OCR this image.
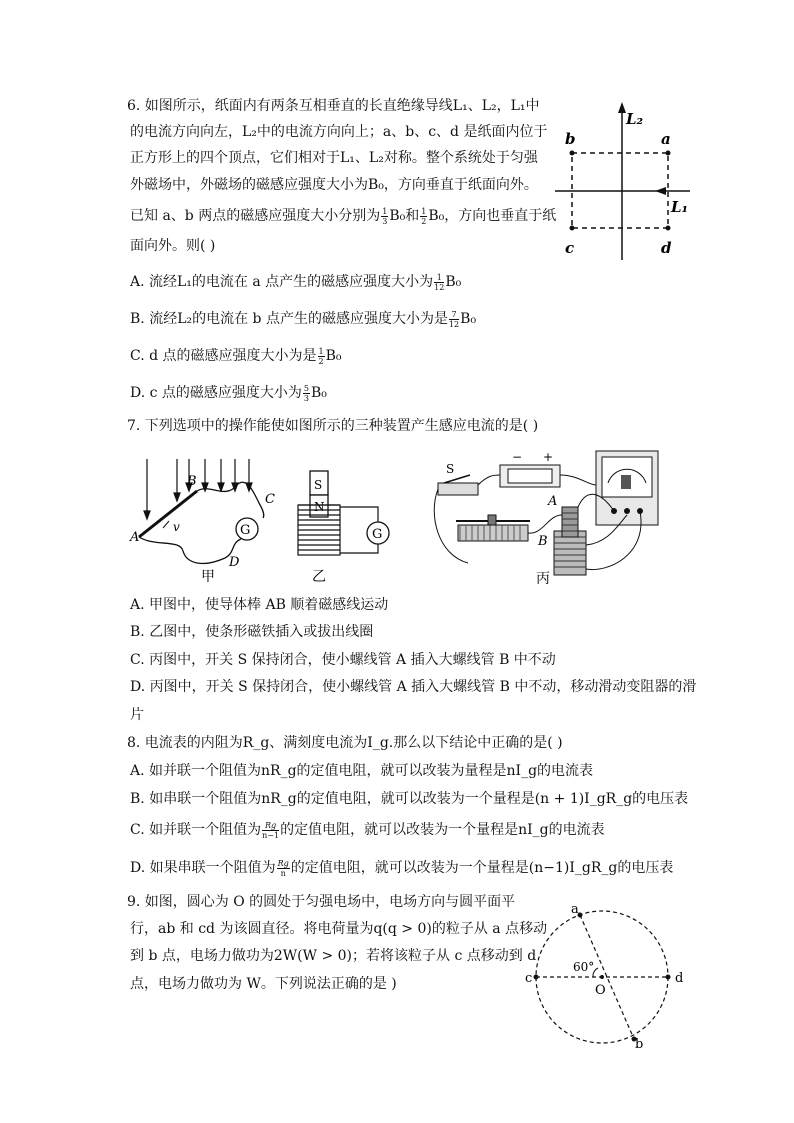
6. 如图所示，纸面内有两条互相垂直的长直绝缘导线L₁、L₂，L₁中
的电流方向向左，L₂中的电流方向向上；a、b、c、d 是纸面内位于
正方形上的四个顶点，它们相对于L₁、L₂对称。整个系统处于匀强
外磁场中，外磁场的磁感应强度大小为B₀，方向垂直于纸面向外。
已知 a、b 两点的磁感应强度大小分别为 $\frac{1}{3} B_0$和 $\frac{1}{2} B_0$，方向也垂直于纸
面向外。则( )
A. 流经L₁的电流在 a 点产生的磁感应强度大小为 $\frac{1}{12} B_0$
B. 流经L₂的电流在 b 点产生的磁感应强度大小为是 $\frac{7}{12} B_0$
C. d 点的磁感应强度大小为是 $\frac{1}{2} B_0$
D. c 点的磁感应强度大小为 $\frac{5}{3} B_0$
L₂
L₁
b	a
c	d
7. 下列选项中的操作能使如图所示的三种装置产生感应电流的是( )
G
A
B
C
D
v
甲
S
N
G
乙
S
− +
A
B
丙
A. 甲图中，使导体棒 AB 顺着磁感线运动
B. 乙图中，使条形磁铁插入或拔出线圈
C. 丙图中，开关 S 保持闭合，使小螺线管 A 插入大螺线管 B 中不动
D. 丙图中，开关 S 保持闭合，使小螺线管 A 插入大螺线管 B 中不动，移动滑动变阻器的滑
片
8. 电流表的内阻为R_g、满刻度电流为I_g.那么以下结论中正确的是( )
A. 如并联一个阻值为nR_g的定值电阻，就可以改装为量程是nI_g的电流表
B. 如串联一个阻值为nR_g的定值电阻，就可以改装为一个量程是(n + 1)I_gR_g的电压表
C. 如并联一个阻值为 $\frac{Rg}{n-1}$ 的定值电阻，就可以改装为一个量程是nI_g的电流表
D. 如果串联一个阻值为 $\frac{Rg}{n}$ 的定值电阻，就可以改装为一个量程是(n−1)I_gR_g的电压表
9. 如图，圆心为 O 的圆处于匀强电场中，电场方向与圆平面平
行，ab 和 cd 为该圆直径。将电荷量为q(q > 0)的粒子从 a 点移动
到 b 点，电场力做功为2W(W > 0)；若将该粒子从 c 点移动到 d
点，电场力做功为 W。下列说法正确的是 )
a
b
c	d
O
60°
